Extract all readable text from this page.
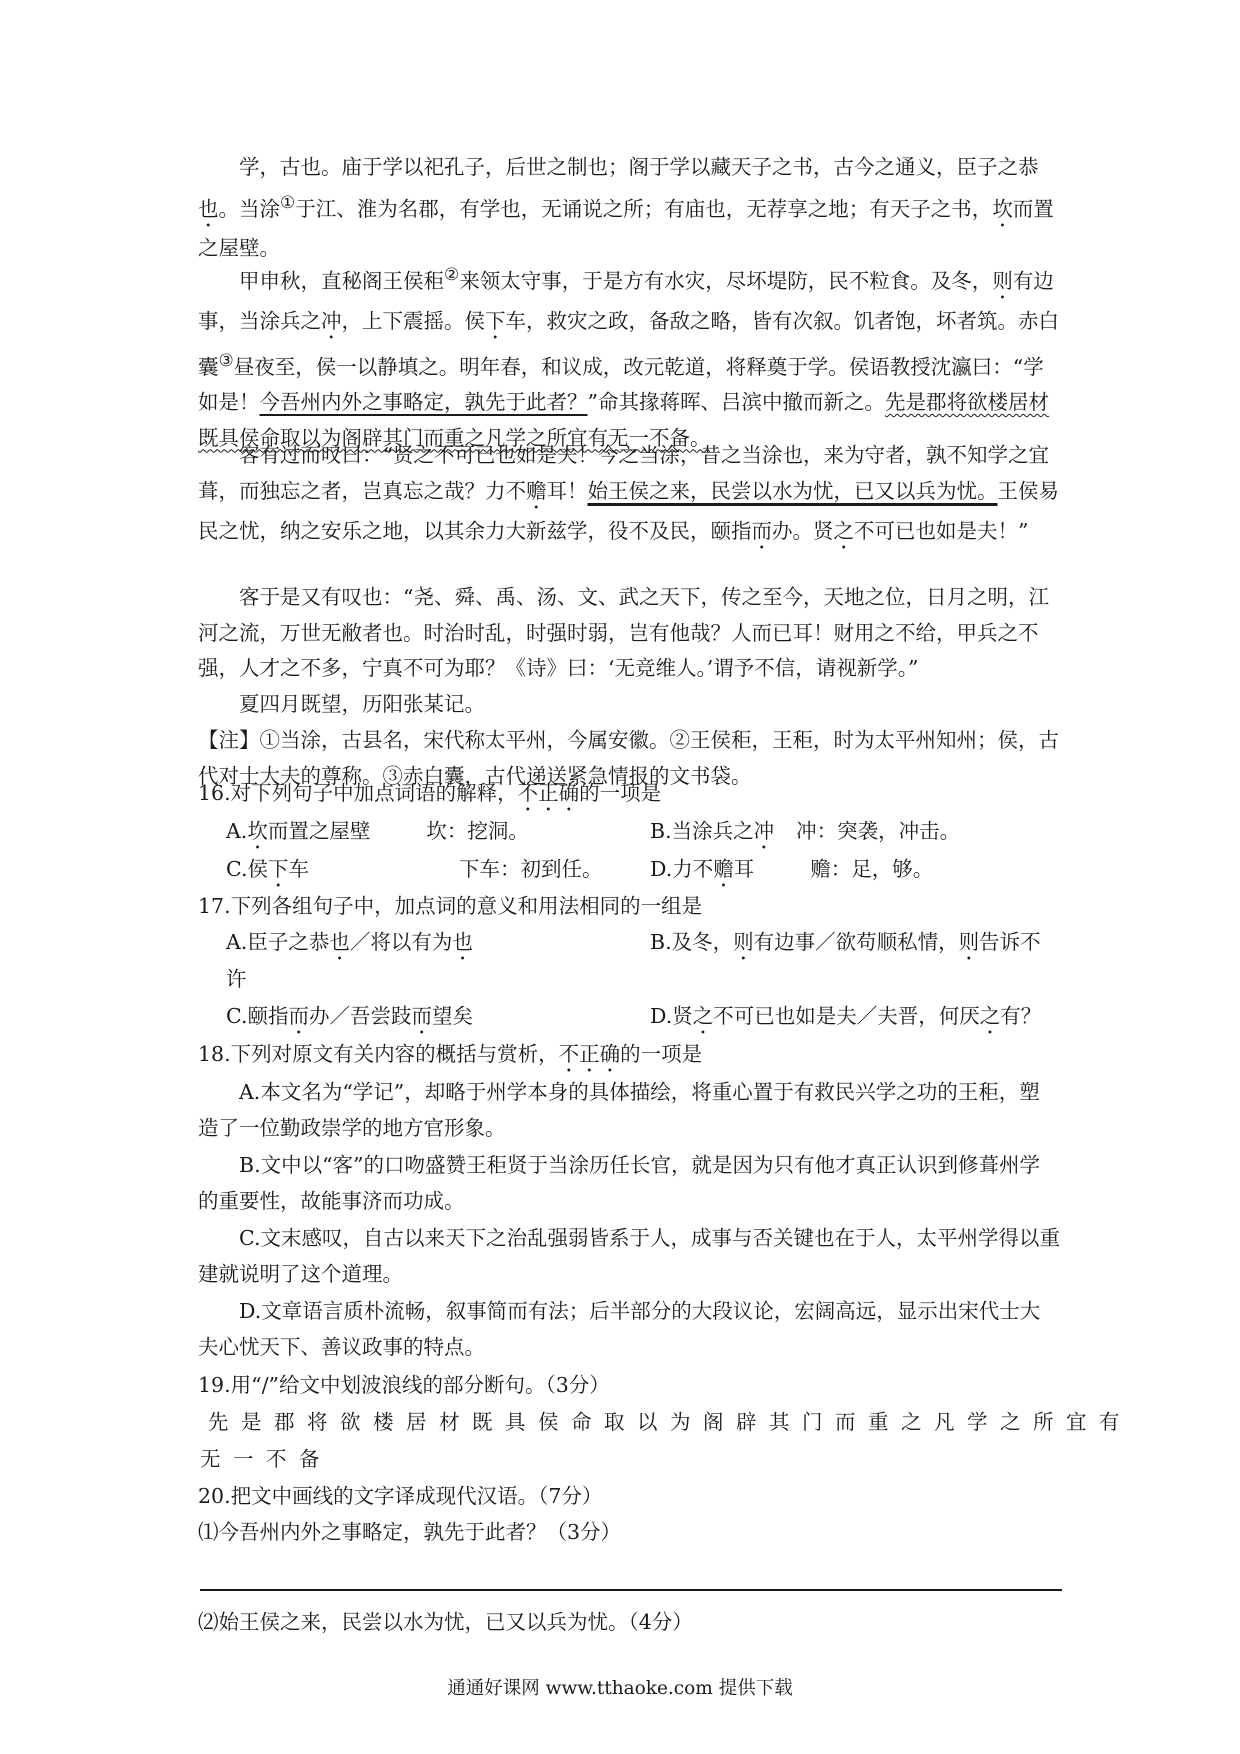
学，古也。庙于学以祀孔子，后世之制也；阁于学以藏天子之书，古今之通义，臣子之恭也。当涂①于江、淮为名郡，有学也，无诵说之所；有庙也，无荐享之地；有天子之书，坎而置之屋壁。

甲申秋，直秘阁王侯秬②来领太守事，于是方有水灾，尽坏堤防，民不粒食。及冬，则有边事，当涂兵之冲，上下震摇。侯下车，救灾之政，备敌之略，皆有次叙。饥者饱，坏者筑。赤白囊③昼夜至，侯一以静填之。明年春，和议成，改元乾道，将释奠于学。侯语教授沈瀛曰：“学如是！今吾州内外之事略定，孰先于此者？”命其掾蒋晖、吕滨中撤而新之。先是郡将欲楼居材既具侯命取以为阁辟其门而重之凡学之所宜有无一不备。

客有过而叹曰：“贤之不可已也如是夫！今之当涂，昔之当涂也，来为守者，孰不知学之宜葺，而独忘之者，岂真忘之哉？力不赡耳！始王侯之来，民尝以水为忧，已又以兵为忧。王侯易民之忧，纳之安乐之地，以其余力大新兹学，役不及民，颐指而办。贤之不可已也如是夫！”

客于是又有叹也：“尧、舜、禹、汤、文、武之天下，传之至今，天地之位，日月之明，江河之流，万世无敝者也。时治时乱，时强时弱，岂有他哉？人而已耳！财用之不给，甲兵之不强，人才之不多，宁真不可为耶？《诗》曰：‘无竞维人。’谓予不信，请视新学。”

夏四月既望，历阳张某记。

【注】①当涂，古县名，宋代称太平州，今属安徽。②王侯秬，王秬，时为太平州知州；侯，古代对士大夫的尊称。③赤白囊，古代递送紧急情报的文书袋。

16.对下列句子中加点词语的解释，不正确的一项是

A.坎而置之屋壁	坎：挖洞。	B.当涂兵之冲 冲：突袭，冲击。

C.侯下车	下车：初到任。 D.力不赡耳	赡：足，够。

17.下列各组句子中，加点词的意义和用法相同的一组是

A.臣子之恭也／将以有为也	B.及冬，则有边事／欲苟顺私情，则告诉不

许

C.颐指而办／吾尝跂而望矣	D.贤之不可已也如是夫／夫晋，何厌之有？

18.下列对原文有关内容的概括与赏析，不正确的一项是

A.本文名为“学记”，却略于州学本身的具体描绘，将重心置于有救民兴学之功的王秬，塑造了一位勤政崇学的地方官形象。

B.文中以“客”的口吻盛赞王秬贤于当涂历任长官，就是因为只有他才真正认识到修葺州学的重要性，故能事济而功成。

C.文末感叹，自古以来天下之治乱强弱皆系于人，成事与否关键也在于人，太平州学得以重建就说明了这个道理。

D.文章语言质朴流畅，叙事简而有法；后半部分的大段议论，宏阔高远，显示出宋代士大夫心忧天下、善议政事的特点。

19.用“/”给文中划波浪线的部分断句。（3分）

先是郡将欲楼居材既具侯命取以为阁辟其门而重之凡学之所宜有

无一不备

20.把文中画线的文字译成现代汉语。（7分）

⑴今吾州内外之事略定，孰先于此者？（3分）

⑵始王侯之来，民尝以水为忧，已又以兵为忧。（4分）

通通好课网 www.tthaoke.com 提供下载
